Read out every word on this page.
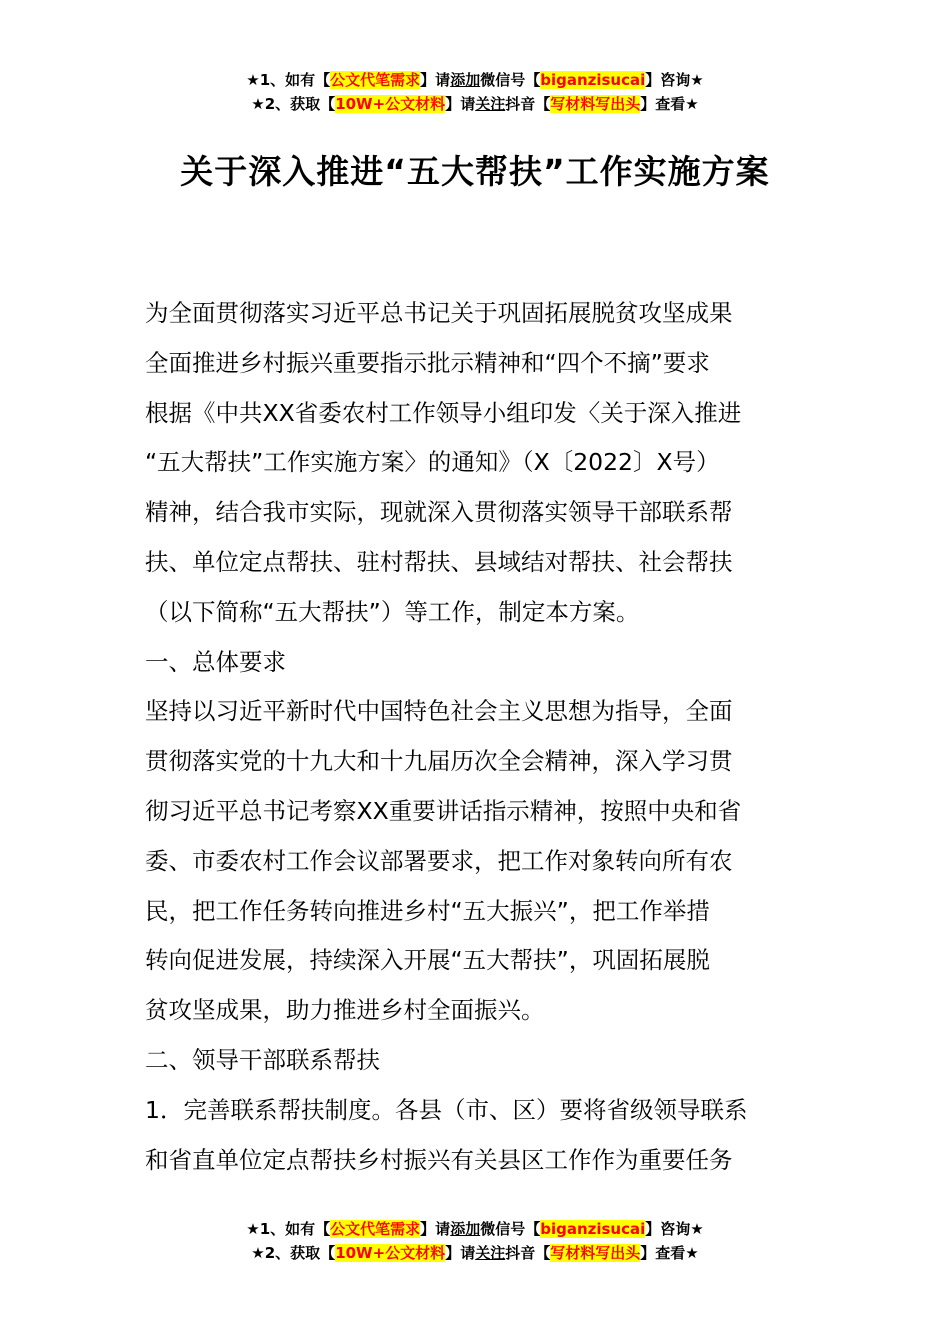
★1、如有【公文代笔需求】请添加微信号【biganzisucai】咨询★
★2、获取【10W+公文材料】请关注抖音【写材料写出头】查看★
关于深入推进“五大帮扶”工作实施方案
为全面贯彻落实习近平总书记关于巩固拓展脱贫攻坚成果
全面推进乡村振兴重要指示批示精神和“四个不摘”要求
根据《中共XX省委农村工作领导小组印发〈关于深入推进
“五大帮扶”工作实施方案〉的通知》（X〔2022〕X号）
精神，结合我市实际，现就深入贯彻落实领导干部联系帮
扶、单位定点帮扶、驻村帮扶、县域结对帮扶、社会帮扶
（以下简称“五大帮扶”）等工作，制定本方案。
一、总体要求
坚持以习近平新时代中国特色社会主义思想为指导，全面
贯彻落实党的十九大和十九届历次全会精神，深入学习贯
彻习近平总书记考察XX重要讲话指示精神，按照中央和省
委、市委农村工作会议部署要求，把工作对象转向所有农
民，把工作任务转向推进乡村“五大振兴”，把工作举措
转向促进发展，持续深入开展“五大帮扶”，巩固拓展脱
贫攻坚成果，助力推进乡村全面振兴。
二、领导干部联系帮扶
1．完善联系帮扶制度。各县（市、区）要将省级领导联系
和省直单位定点帮扶乡村振兴有关县区工作作为重要任务
★1、如有【公文代笔需求】请添加微信号【biganzisucai】咨询★
★2、获取【10W+公文材料】请关注抖音【写材料写出头】查看★
